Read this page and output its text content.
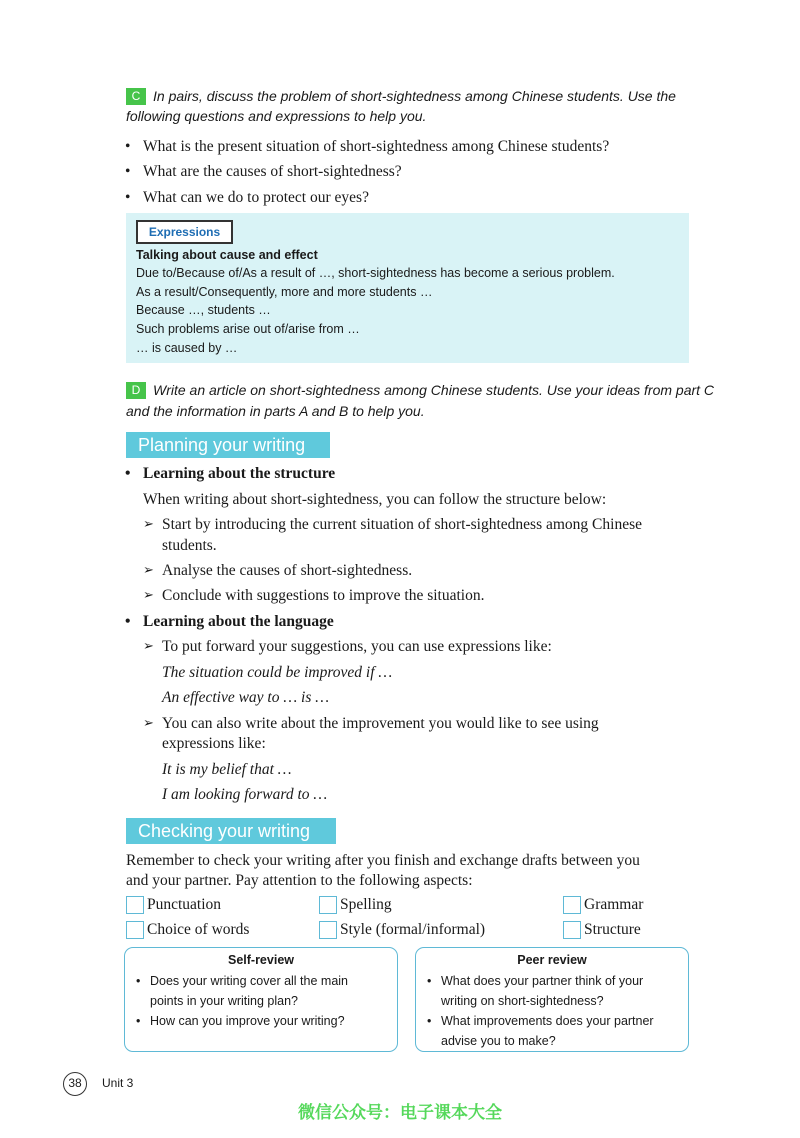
C In pairs, discuss the problem of short-sightedness among Chinese students. Use the
following questions and expressions to help you.
• What is the present situation of short-sightedness among Chinese students?
• What are the causes of short-sightedness?
• What can we do to protect our eyes?
Expressions
Talking about cause and effect
Due to/Because of/As a result of …, short-sightedness has become a serious problem.
As a result/Consequently, more and more students …
Because …, students …
Such problems arise out of/arise from …
… is caused by …
D Write an article on short-sightedness among Chinese students. Use your ideas from part C
and the information in parts A and B to help you.
Planning your writing
• Learning about the structure
When writing about short-sightedness, you can follow the structure below:
➢ Start by introducing the current situation of short-sightedness among Chinese students.
➢ Analyse the causes of short-sightedness.
➢ Conclude with suggestions to improve the situation.
• Learning about the language
➢ To put forward your suggestions, you can use expressions like:
The situation could be improved if …
An effective way to … is …
➢ You can also write about the improvement you would like to see using
expressions like:
It is my belief that …
I am looking forward to …
Checking your writing
Remember to check your writing after you finish and exchange drafts between you
and your partner. Pay attention to the following aspects:
Punctuation	Spelling	Grammar
Choice of words	Style (formal/informal)	Structure
Self-review
• Does your writing cover all the main points in your writing plan?
• How can you improve your writing?
Peer review
• What does your partner think of your writing on short-sightedness?
• What improvements does your partner advise you to make?
38	Unit 3
微信公众号：电子课本大全
